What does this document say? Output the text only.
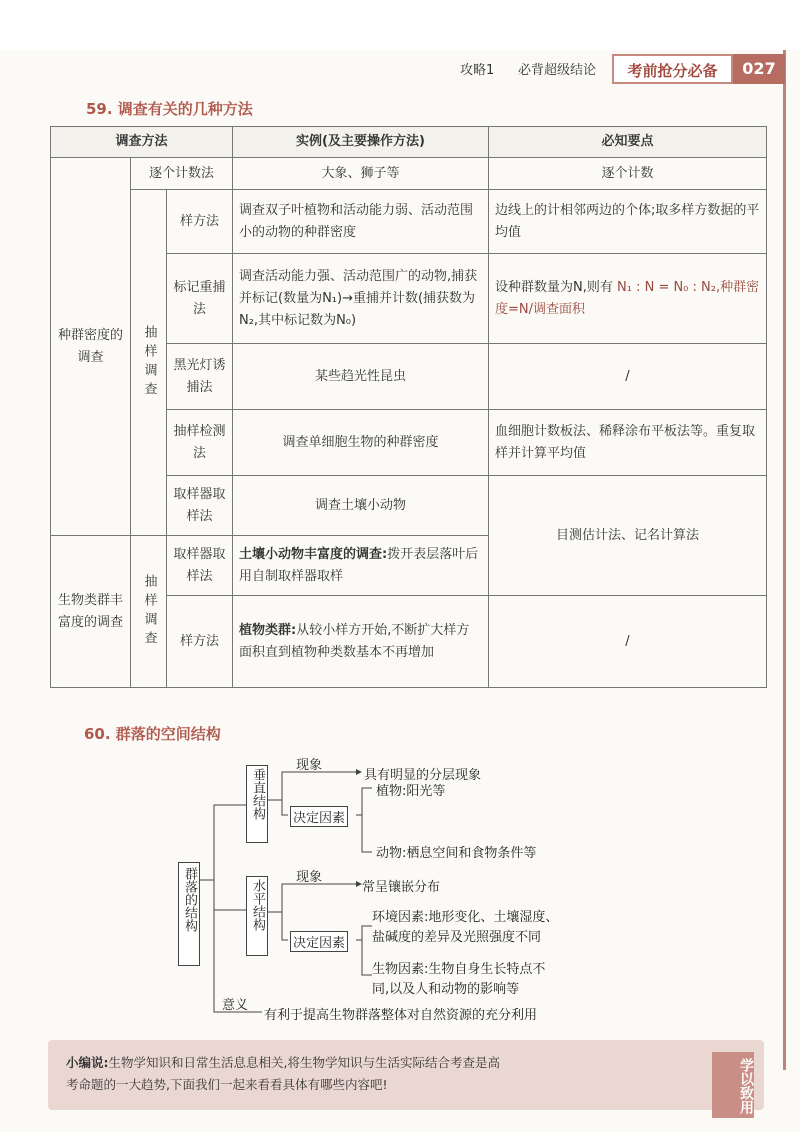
攻略1 必背超级结论	考前抢分必备	027
59. 调查有关的几种方法
调查方法			实例(及主要操作方法)	必知要点
种群密度的调查	逐个计数法		大象、狮子等	逐个计数

	抽样调查	样方法	调查双子叶植物和活动能力弱、活动范围小的动物的种群密度	边线上的计相邻两边的个体;取多样方数据的平均值
		标记重捕法	调查活动能力强、活动范围广的动物,捕获并标记(数量为N₁)→重捕并计数(捕获数为N₂,其中标记数为N₀)	设种群数量为N,则有 N₁ : N = N₀ : N₂,种群密度=N/调查面积
		黑光灯诱捕法	某些趋光性昆虫	/
		抽样检测法	调查单细胞生物的种群密度	血细胞计数板法、稀释涂布平板法等。重复取样并计算平均值
		取样器取样法	调查土壤小动物	目测估计法、记名计算法
生物类群丰富度的调查	抽样调查	取样器取样法	土壤小动物丰富度的调查:拨开表层落叶后用自制取样器取样	
		样方法	植物类群:从较小样方开始,不断扩大样方面积直到植物种类数基本不再增加	/
60. 群落的空间结构
群落的结构
垂直结构
水平结构
现象
具有明显的分层现象
决定因素
植物:阳光等
动物:栖息空间和食物条件等
现象
常呈镶嵌分布
决定因素
环境因素:地形变化、土壤湿度、
盐碱度的差异及光照强度不同
生物因素:生物自身生长特点不
同,以及人和动物的影响等
意义
有利于提高生物群落整体对自然资源的充分利用
小编说:生物学知识和日常生活息息相关,将生物学知识与生活实际结合考查是高
考命题的一大趋势,下面我们一起来看看具体有哪些内容吧!	学以致用
